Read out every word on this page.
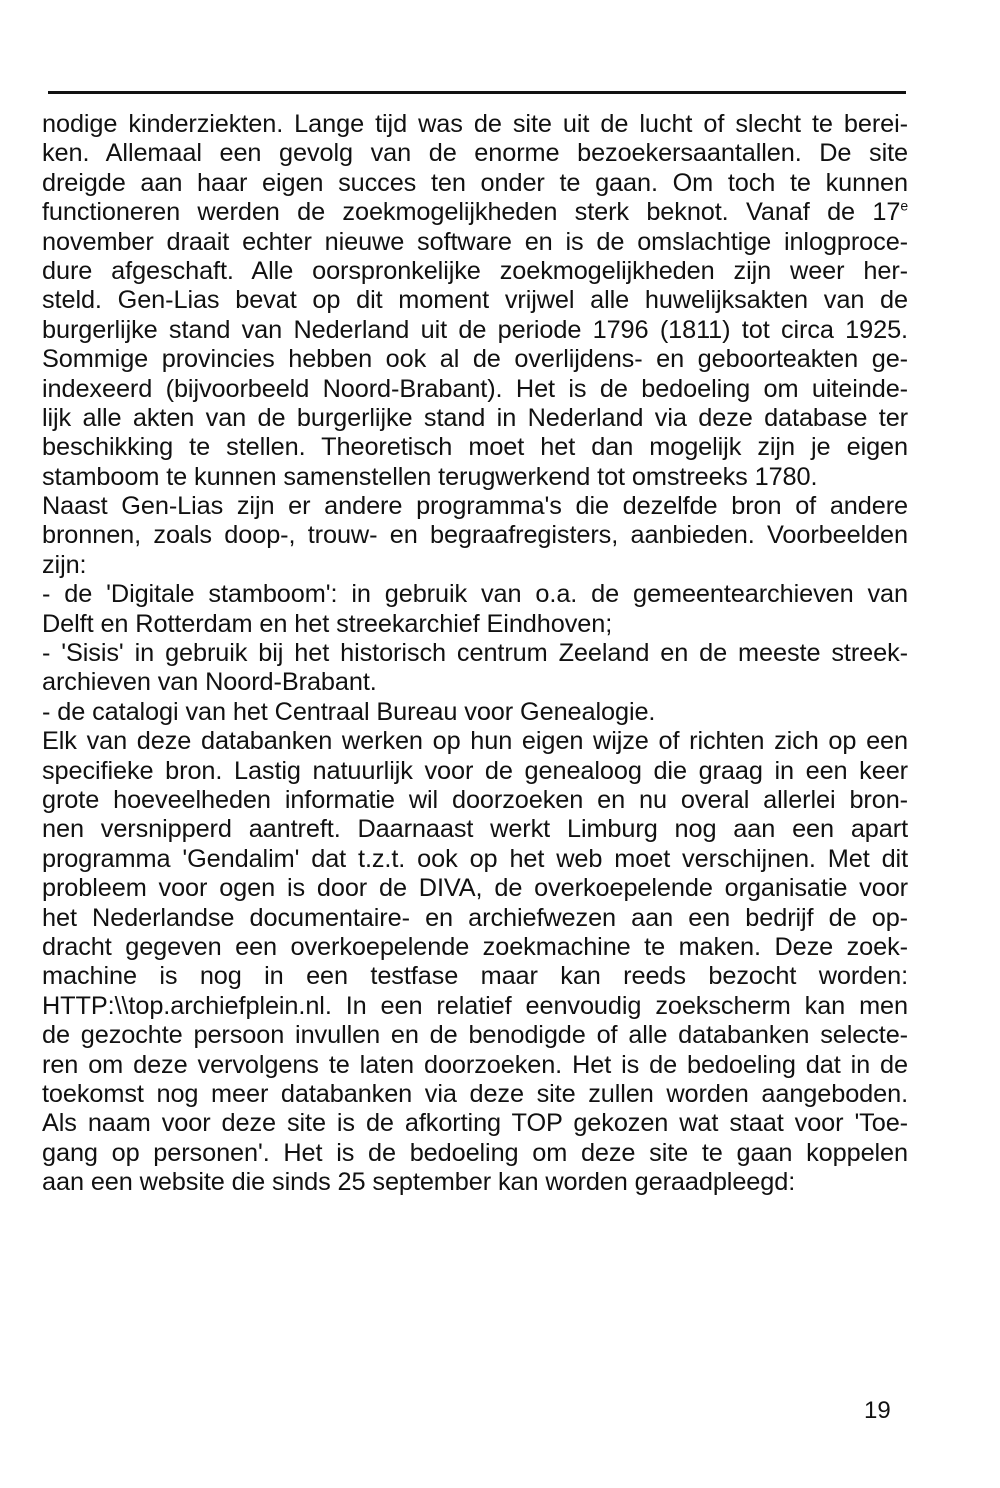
nodige kinderziekten. Lange tijd was de site uit de lucht of slecht te berei-
ken. Allemaal een gevolg van de enorme bezoekersaantallen. De site
dreigde aan haar eigen succes ten onder te gaan. Om toch te kunnen
functioneren werden de zoekmogelijkheden sterk beknot. Vanaf de 17e
november draait echter nieuwe software en is de omslachtige inlogproce-
dure afgeschaft. Alle oorspronkelijke zoekmogelijkheden zijn weer her-
steld. Gen-Lias bevat op dit moment vrijwel alle huwelijksakten van de
burgerlijke stand van Nederland uit de periode 1796 (1811) tot circa 1925.
Sommige provincies hebben ook al de overlijdens- en geboorteakten ge-
indexeerd (bijvoorbeeld Noord-Brabant). Het is de bedoeling om uiteinde-
lijk alle akten van de burgerlijke stand in Nederland via deze database ter
beschikking te stellen. Theoretisch moet het dan mogelijk zijn je eigen
stamboom te kunnen samenstellen terugwerkend tot omstreeks 1780.
Naast Gen-Lias zijn er andere programma's die dezelfde bron of andere
bronnen, zoals doop-, trouw- en begraafregisters, aanbieden. Voorbeelden
zijn:
- de 'Digitale stamboom': in gebruik van o.a. de gemeentearchieven van
Delft en Rotterdam en het streekarchief Eindhoven;
- 'Sisis' in gebruik bij het historisch centrum Zeeland en de meeste streek-
archieven van Noord-Brabant.
- de catalogi van het Centraal Bureau voor Genealogie.
Elk van deze databanken werken op hun eigen wijze of richten zich op een
specifieke bron. Lastig natuurlijk voor de genealoog die graag in een keer
grote hoeveelheden informatie wil doorzoeken en nu overal allerlei bron-
nen versnipperd aantreft. Daarnaast werkt Limburg nog aan een apart
programma 'Gendalim' dat t.z.t. ook op het web moet verschijnen. Met dit
probleem voor ogen is door de DIVA, de overkoepelende organisatie voor
het Nederlandse documentaire- en archiefwezen aan een bedrijf de op-
dracht gegeven een overkoepelende zoekmachine te maken. Deze zoek-
machine is nog in een testfase maar kan reeds bezocht worden:
HTTP:\\top.archiefplein.nl. In een relatief eenvoudig zoekscherm kan men
de gezochte persoon invullen en de benodigde of alle databanken selecte-
ren om deze vervolgens te laten doorzoeken. Het is de bedoeling dat in de
toekomst nog meer databanken via deze site zullen worden aangeboden.
Als naam voor deze site is de afkorting TOP gekozen wat staat voor 'Toe-
gang op personen'. Het is de bedoeling om deze site te gaan koppelen
aan een website die sinds 25 september kan worden geraadpleegd:
19
